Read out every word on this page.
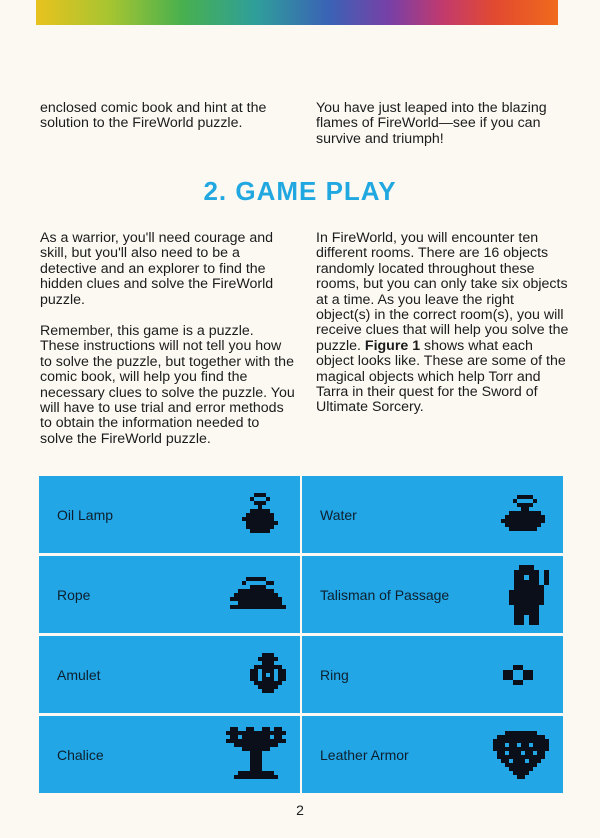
enclosed comic book and hint at the solution to the FireWorld puzzle.
You have just leaped into the blazing flames of FireWorld—see if you can survive and triumph!
2. GAME PLAY

As a warrior, you'll need courage and skill, but you'll also need to be a detective and an explorer to find the hidden clues and solve the FireWorld puzzle.

Remember, this game is a puzzle. These instructions will not tell you how to solve the puzzle, but together with the comic book, will help you find the necessary clues to solve the puzzle. You will have to use trial and error methods to obtain the information needed to solve the FireWorld puzzle.

In FireWorld, you will encounter ten different rooms. There are 16 objects randomly located throughout these rooms, but you can only take six objects at a time. As you leave the right object(s) in the correct room(s), you will receive clues that will help you solve the puzzle. Figure 1 shows what each object looks like. These are some of the magical objects which help Torr and Tarra in their quest for the Sword of Ultimate Sorcery.

Oil Lamp	Water
Rope	Talisman of Passage
Amulet	Ring
Chalice	Leather Armor
2
